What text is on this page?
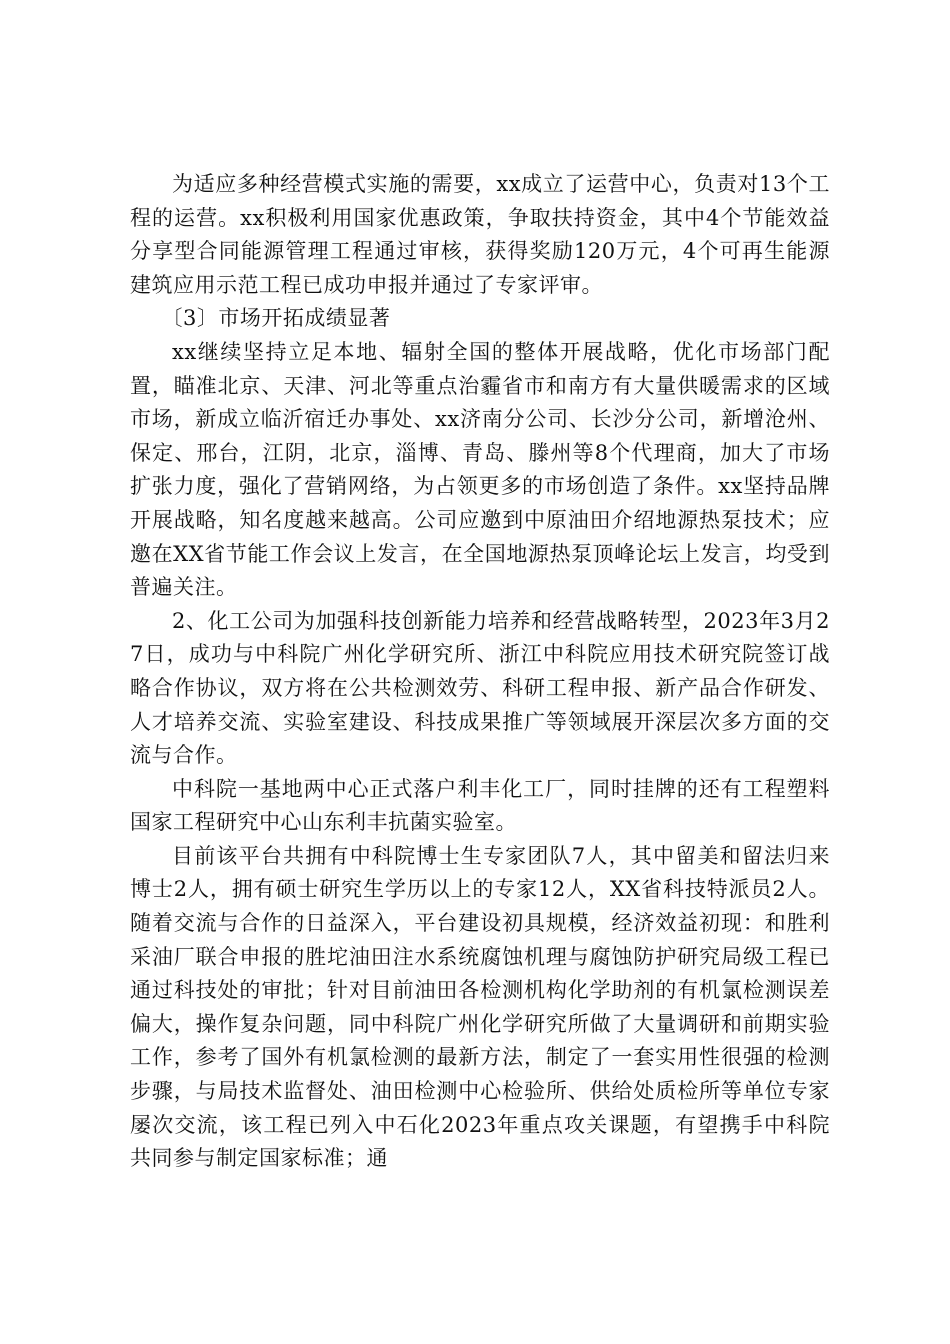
为适应多种经营模式实施的需要，xx成立了运营中心，负责对13个工程的运营。xx积极利用国家优惠政策，争取扶持资金，其中4个节能效益分享型合同能源管理工程通过审核，获得奖励120万元，4个可再生能源建筑应用示范工程已成功申报并通过了专家评审。

〔3〕市场开拓成绩显著

xx继续坚持立足本地、辐射全国的整体开展战略，优化市场部门配置，瞄准北京、天津、河北等重点治霾省市和南方有大量供暖需求的区域市场，新成立临沂宿迁办事处、xx济南分公司、长沙分公司，新增沧州、保定、邢台，江阴，北京，淄博、青岛、滕州等8个代理商，加大了市场扩张力度，强化了营销网络，为占领更多的市场创造了条件。xx坚持品牌开展战略，知名度越来越高。公司应邀到中原油田介绍地源热泵技术；应邀在XX省节能工作会议上发言，在全国地源热泵顶峰论坛上发言，均受到普遍关注。

2、化工公司为加强科技创新能力培养和经营战略转型，2023年3月27日，成功与中科院广州化学研究所、浙江中科院应用技术研究院签订战略合作协议，双方将在公共检测效劳、科研工程申报、新产品合作研发、人才培养交流、实验室建设、科技成果推广等领域展开深层次多方面的交流与合作。

中科院一基地两中心正式落户利丰化工厂，同时挂牌的还有工程塑料国家工程研究中心山东利丰抗菌实验室。

目前该平台共拥有中科院博士生专家团队7人，其中留美和留法归来博士2人，拥有硕士研究生学历以上的专家12人，XX省科技特派员2人。随着交流与合作的日益深入，平台建设初具规模，经济效益初现：和胜利采油厂联合申报的胜坨油田注水系统腐蚀机理与腐蚀防护研究局级工程已通过科技处的审批；针对目前油田各检测机构化学助剂的有机氯检测误差偏大，操作复杂问题，同中科院广州化学研究所做了大量调研和前期实验工作，参考了国外有机氯检测的最新方法，制定了一套实用性很强的检测步骤，与局技术监督处、油田检测中心检验所、供给处质检所等单位专家屡次交流，该工程已列入中石化2023年重点攻关课题，有望携手中科院共同参与制定国家标准；通
